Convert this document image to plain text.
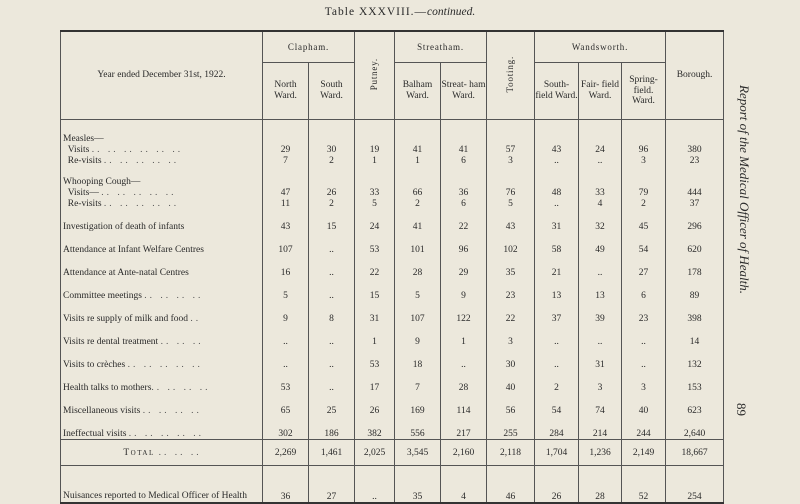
Table XXXVIII.—continued.
Report of the Medical Officer of Health.
89
Year ended December 31st, 1922.	Clapham.		Putney.	Streatham.		Tooting.	Wandsworth.			Borough.
	North Ward.	South Ward.		Balham Ward.	Streat- ham Ward.		South- field Ward.	Fair- field Ward.	Spring- field. Ward.	

Measles—										
Visits .. .. .. .. .. ..	29	30	19	41	41	57	43	24	96	380
Re-visits .. .. .. .. ..	7	2	1	1	6	3	..	..	3	23

Whooping Cough—										
Visits— .. .. .. .. ..	47	26	33	66	36	76	48	33	79	444
Re-visits .. .. .. .. ..	11	2	5	2	6	5	..	4	2	37
Investigation of death of infants	43	15	24	41	22	43	31	32	45	296
Attendance at Infant Welfare Centres	107	..	53	101	96	102	58	49	54	620
Attendance at Ante-natal Centres	16	..	22	28	29	35	21	..	27	178
Committee meetings .. .. .. ..	5	..	15	5	9	23	13	13	6	89
Visits re supply of milk and food ..	9	8	31	107	122	22	37	39	23	398
Visits re dental treatment .. .. ..	..	..	1	9	1	3	..	..	..	14
Visits to crèches .. .. .. .. ..	..	..	53	18	..	30	..	31	..	132
Health talks to mothers.. .. .. ..	53	..	17	7	28	40	2	3	3	153
Miscellaneous visits .. .. .. ..	65	25	26	169	114	56	54	74	40	623
Ineffectual visits .. .. .. .. ..	302	186	382	556	217	255	284	214	244	2,640
Total .. .. ..	2,269	1,461	2,025	3,545	2,160	2,118	1,704	1,236	2,149	18,667
Nuisances reported to Medical Officer of Health	36	27	..	35	4	46	26	28	52	254
